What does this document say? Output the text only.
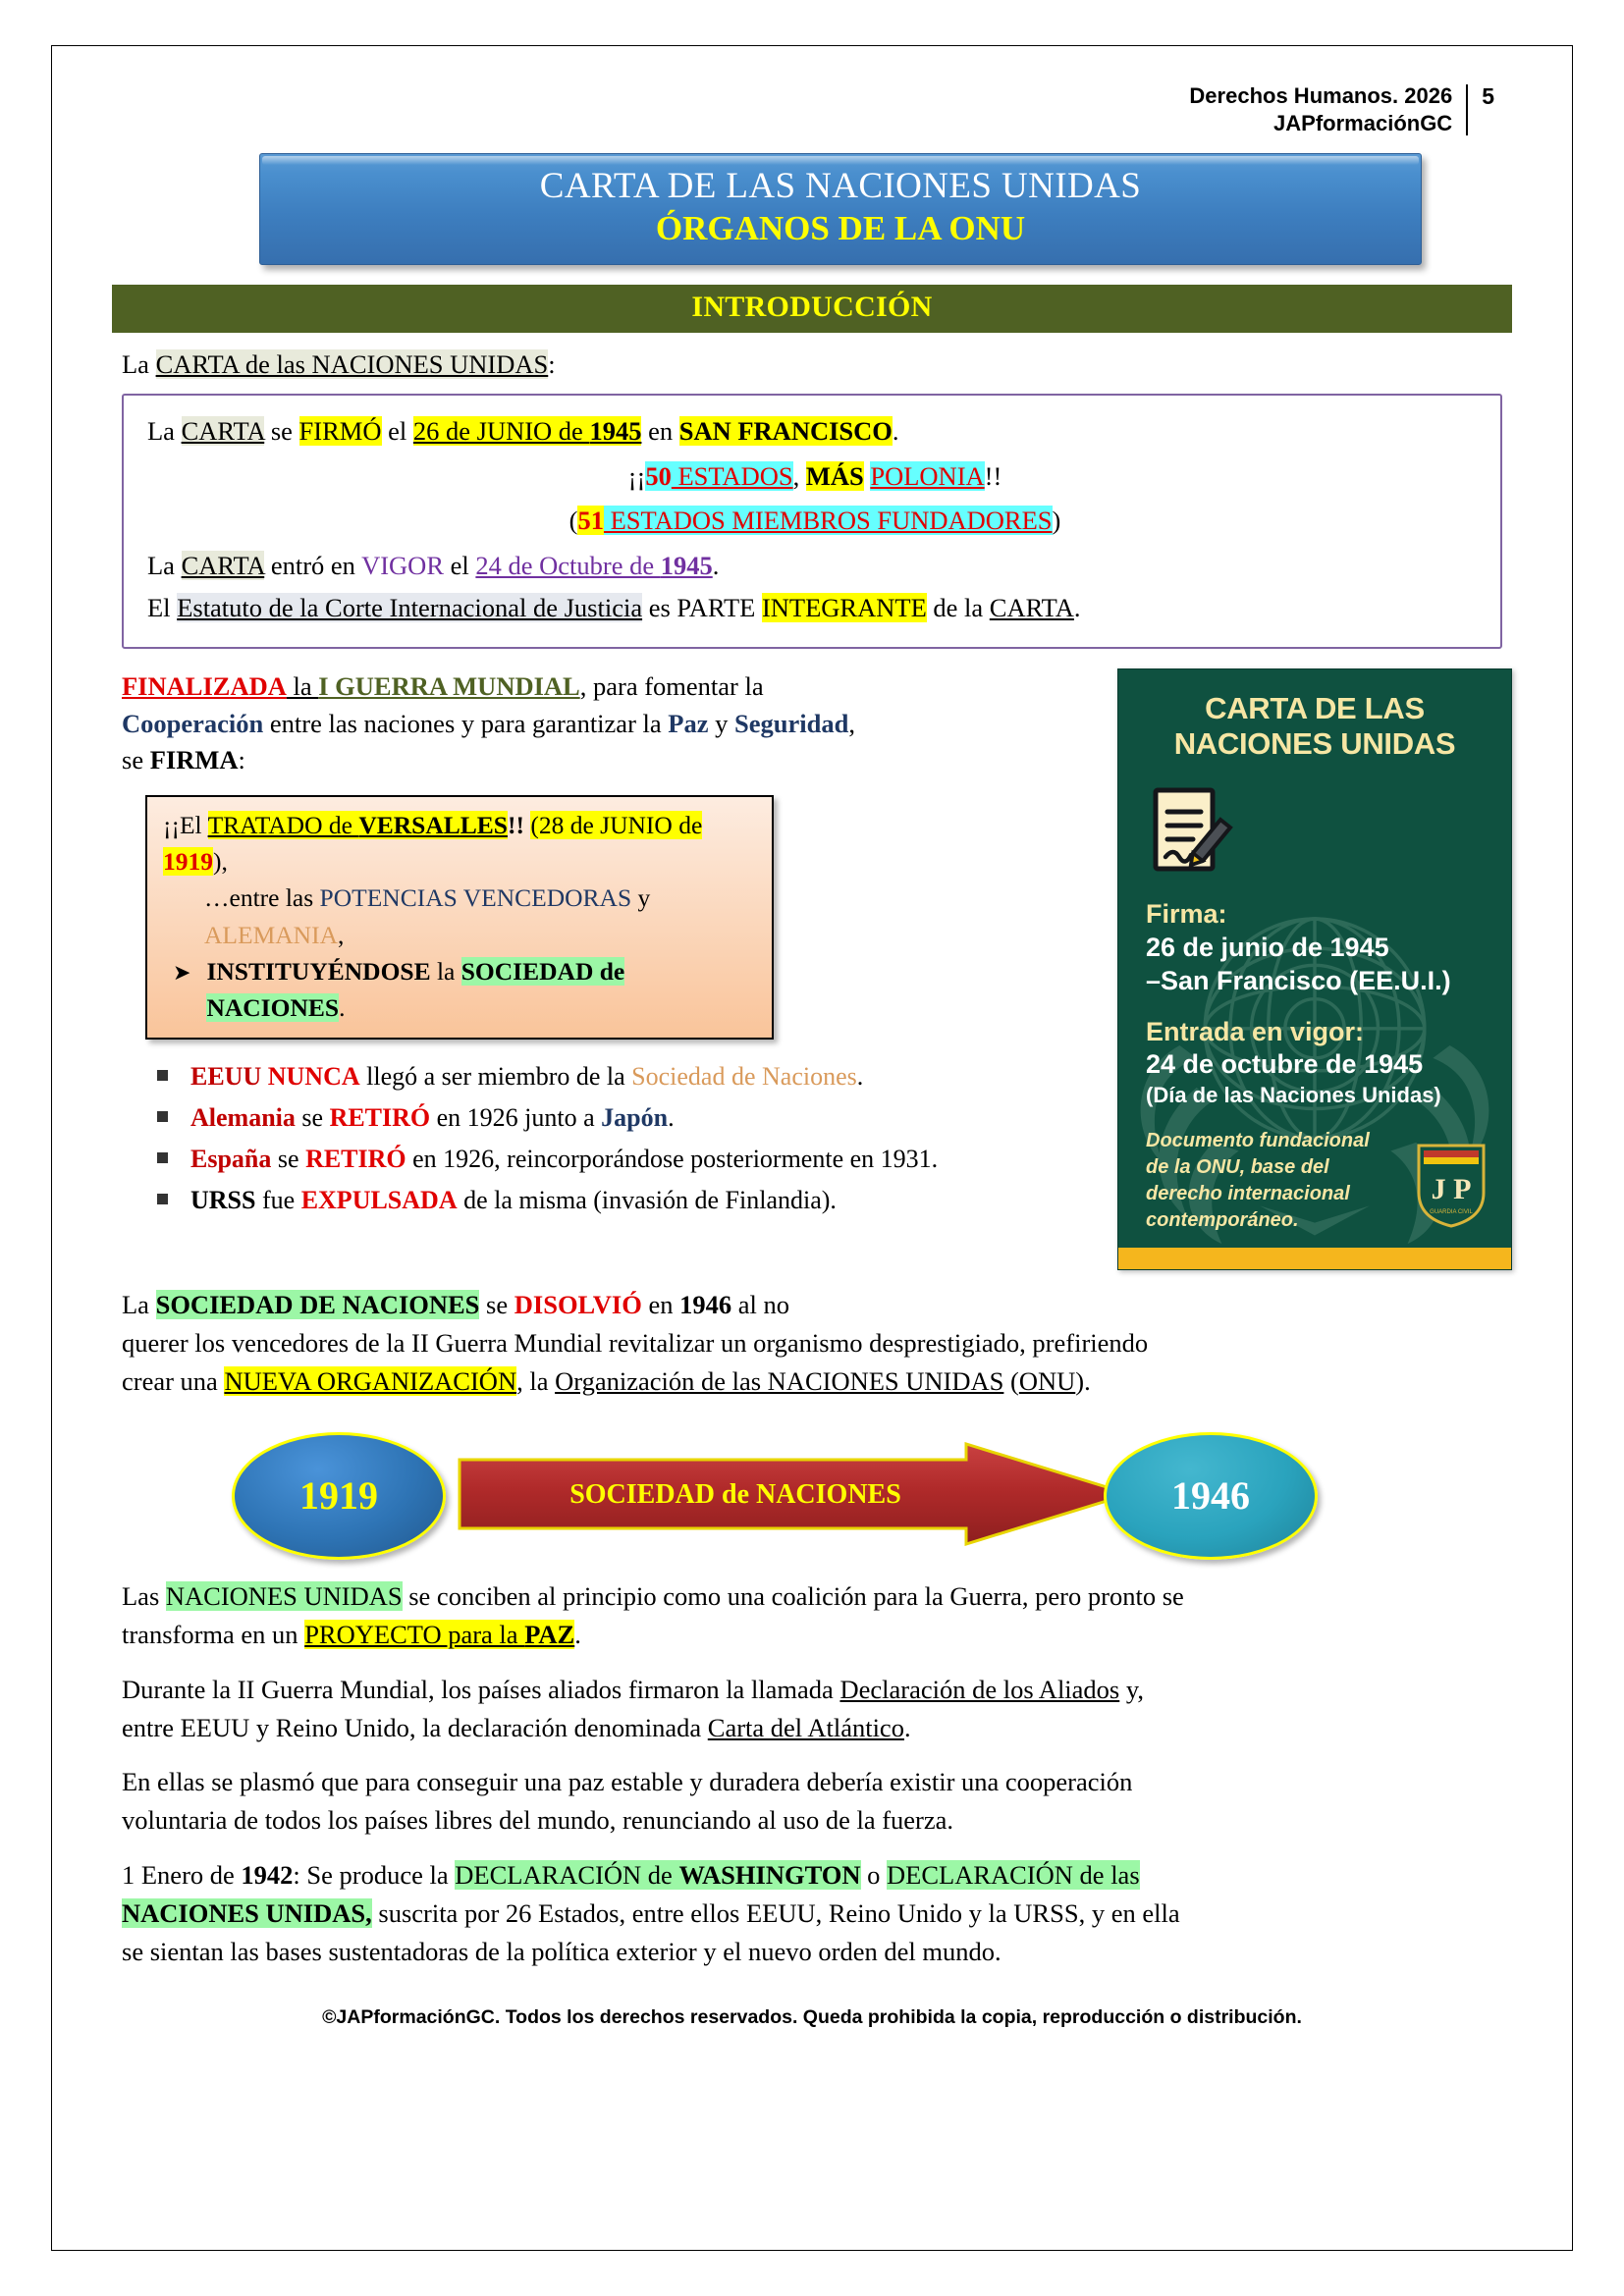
Derechos Humanos. 2026
JAPformaciónGC
5
CARTA DE LAS NACIONES UNIDAS
ÓRGANOS DE LA ONU
INTRODUCCIÓN
La CARTA de las NACIONES UNIDAS:
La CARTA se FIRMÓ el 26 de JUNIO de 1945 en SAN FRANCISCO.
¡¡50 ESTADOS, MÁS POLONIA!!
(51 ESTADOS MIEMBROS FUNDADORES)
La CARTA entró en VIGOR el 24 de Octubre de 1945.
El Estatuto de la Corte Internacional de Justicia es PARTE INTEGRANTE de la CARTA.
FINALIZADA la I GUERRA MUNDIAL, para fomentar la
Cooperación entre las naciones y para garantizar la Paz y Seguridad,
se FIRMA:
¡¡El TRATADO de VERSALLES!! (28 de JUNIO de 1919),
…entre las POTENCIAS VENCEDORAS y ALEMANIA,
➤ INSTITUYÉNDOSE la SOCIEDAD de NACIONES.
EEUU NUNCA llegó a ser miembro de la Sociedad de Naciones.
Alemania se RETIRÓ en 1926 junto a Japón.
España se RETIRÓ en 1926, reincorporándose posteriormente en 1931.
URSS fue EXPULSADA de la misma (invasión de Finlandia).
CARTA DE LAS
NACIONES UNIDAS
Firma:
26 de junio de 1945
–San Francisco (EE.U.I.)
Entrada en vigor:
24 de octubre de 1945
(Día de las Naciones Unidas)
Documento fundacional
de la ONU, base del
derecho internacional
contemporáneo.
J P
GUARDIA CIVIL
La SOCIEDAD DE NACIONES se DISOLVIÓ en 1946 al no
querer los vencedores de la II Guerra Mundial revitalizar un organismo desprestigiado, prefiriendo
crear una NUEVA ORGANIZACIÓN, la Organización de las NACIONES UNIDAS (ONU).
1919	SOCIEDAD de NACIONES	1946
Las NACIONES UNIDAS se conciben al principio como una coalición para la Guerra, pero pronto se
transforma en un PROYECTO para la PAZ.
Durante la II Guerra Mundial, los países aliados firmaron la llamada Declaración de los Aliados y,
entre EEUU y Reino Unido, la declaración denominada Carta del Atlántico.
En ellas se plasmó que para conseguir una paz estable y duradera debería existir una cooperación
voluntaria de todos los países libres del mundo, renunciando al uso de la fuerza.
1 Enero de 1942: Se produce la DECLARACIÓN de WASHINGTON o DECLARACIÓN de las
NACIONES UNIDAS, suscrita por 26 Estados, entre ellos EEUU, Reino Unido y la URSS, y en ella
se sientan las bases sustentadoras de la política exterior y el nuevo orden del mundo.
©JAPformaciónGC. Todos los derechos reservados. Queda prohibida la copia, reproducción o distribución.
